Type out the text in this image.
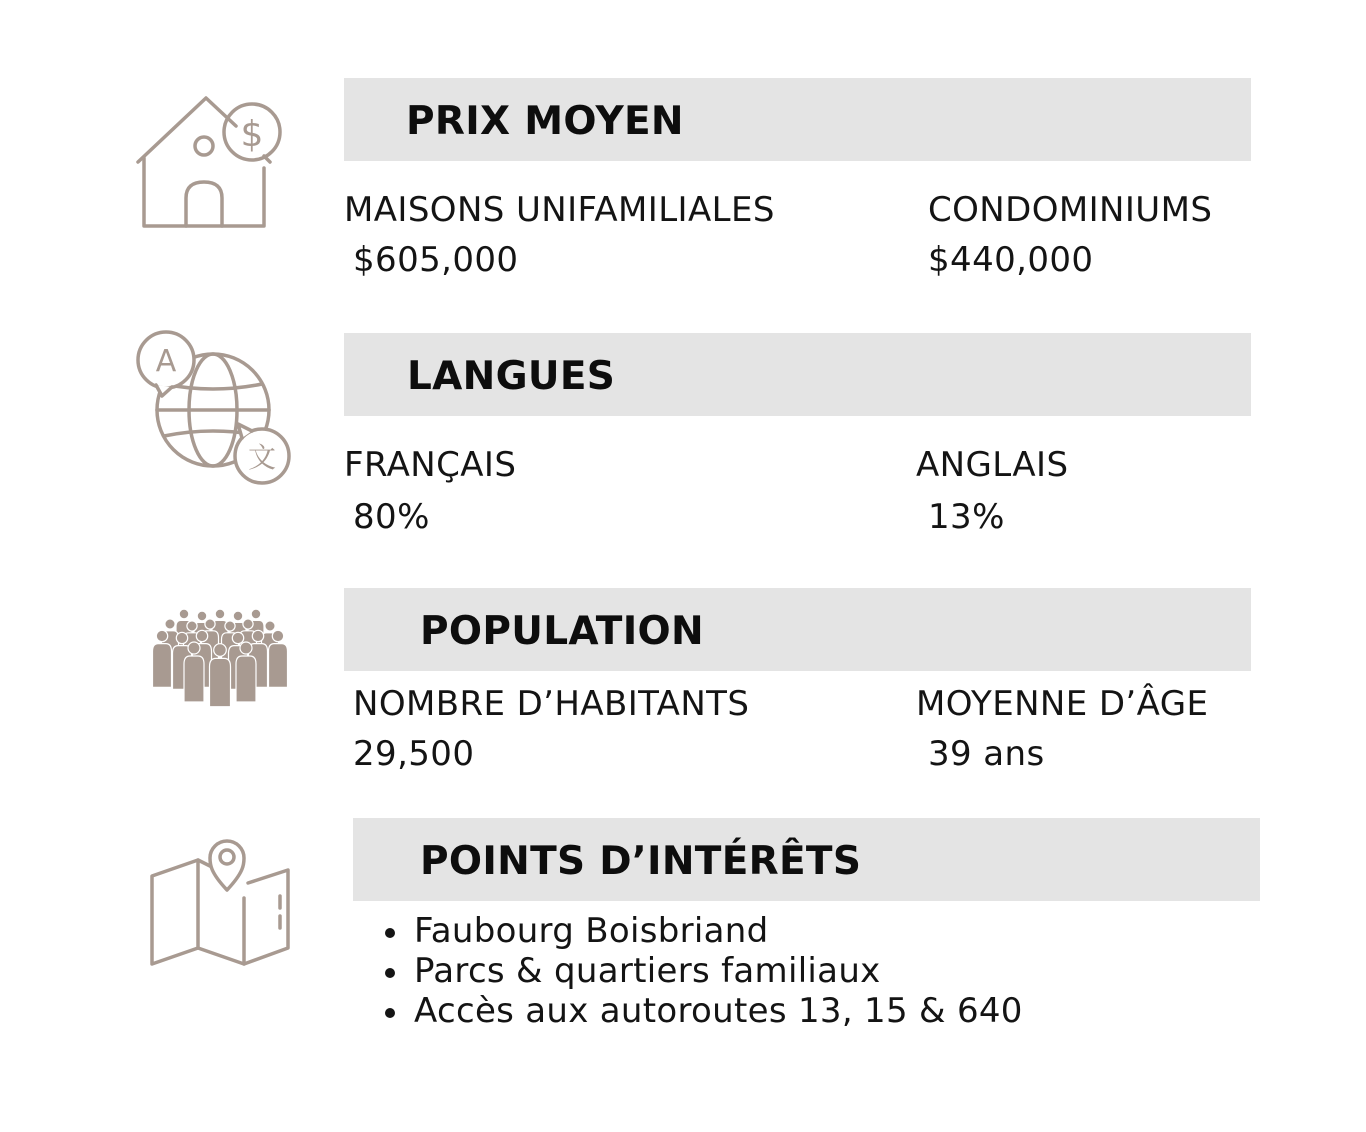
$	PRIX MOYEN
MAISONS UNIFAMILIALES
$605,000
CONDOMINIUMS
$440,000
A
文
LANGUES
FRANÇAIS
80%
ANGLAIS
13%
POPULATION
NOMBRE D’HABITANTS
29,500
MOYENNE D’ÂGE
39 ans
POINTS D’INTÉRÊTS
Faubourg Boisbriand
Parcs & quartiers familiaux
Accès aux autoroutes 13, 15 & 640
